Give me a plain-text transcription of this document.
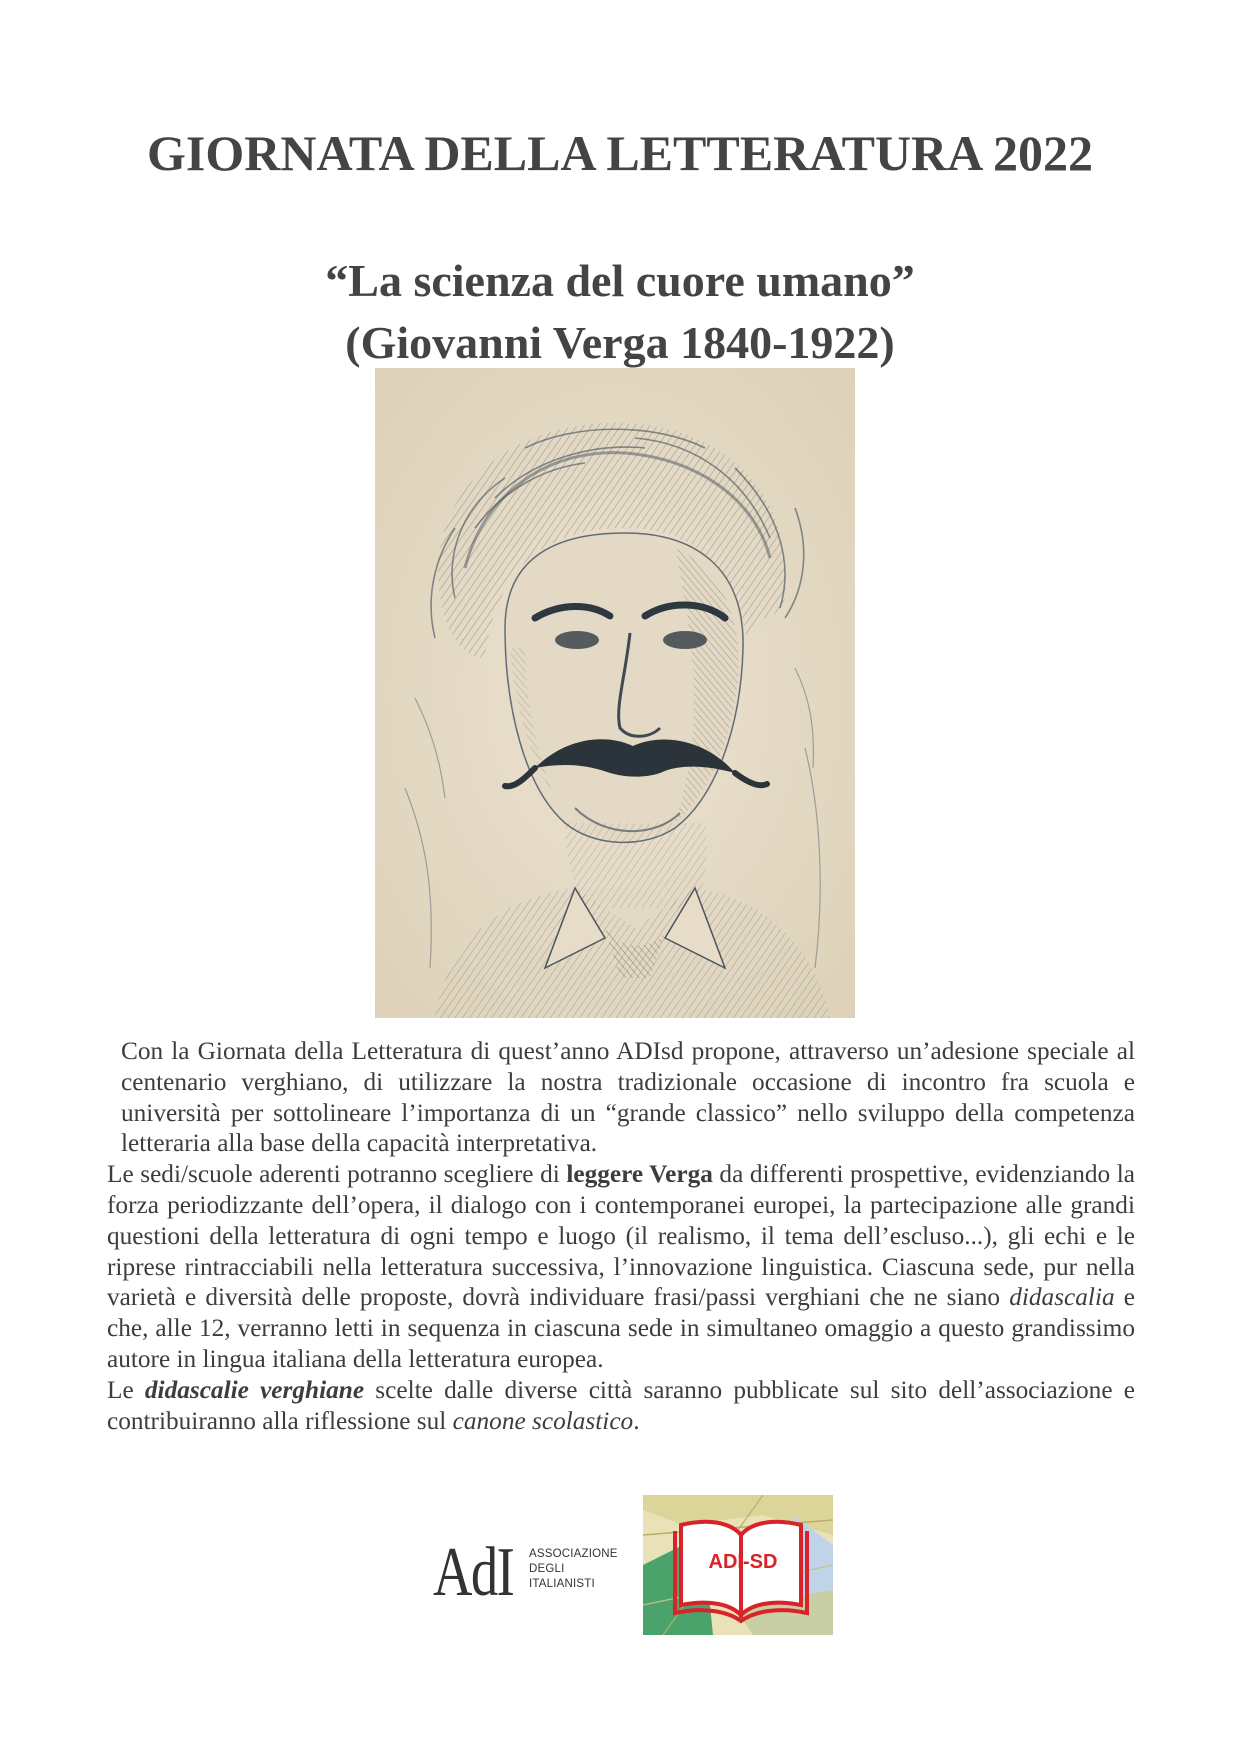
GIORNATA DELLA LETTERATURA 2022
“La scienza del cuore umano”
(Giovanni Verga 1840-1922)

Con la Giornata della Letteratura di quest’anno ADIsd propone, attraverso un’adesione speciale al centenario verghiano, di utilizzare la nostra tradizionale occasione di incontro fra scuola e università per sottolineare l’importanza di un “grande classico” nello sviluppo della competenza letteraria alla base della capacità interpretativa.

Le sedi/scuole aderenti potranno scegliere di leggere Verga da differenti prospettive, evidenziando la forza periodizzante dell’opera, il dialogo con i contemporanei europei, la partecipazione alle grandi questioni della letteratura di ogni tempo e luogo (il realismo, il tema dell’escluso...), gli echi e le riprese rintracciabili nella letteratura successiva, l’innovazione linguistica. Ciascuna sede, pur nella varietà e diversità delle proposte, dovrà individuare frasi/passi verghiani che ne siano didascalia e che, alle 12, verranno letti in sequenza in ciascuna sede in simultaneo omaggio a questo grandissimo autore in lingua italiana della letteratura europea.

Le didascalie verghiane scelte dalle diverse città saranno pubblicate sul sito dell’associazione e contribuiranno alla riflessione sul canone scolastico.

AdI ASSOCIAZIONE
DEGLI
ITALIANISTI
ADI-SD
